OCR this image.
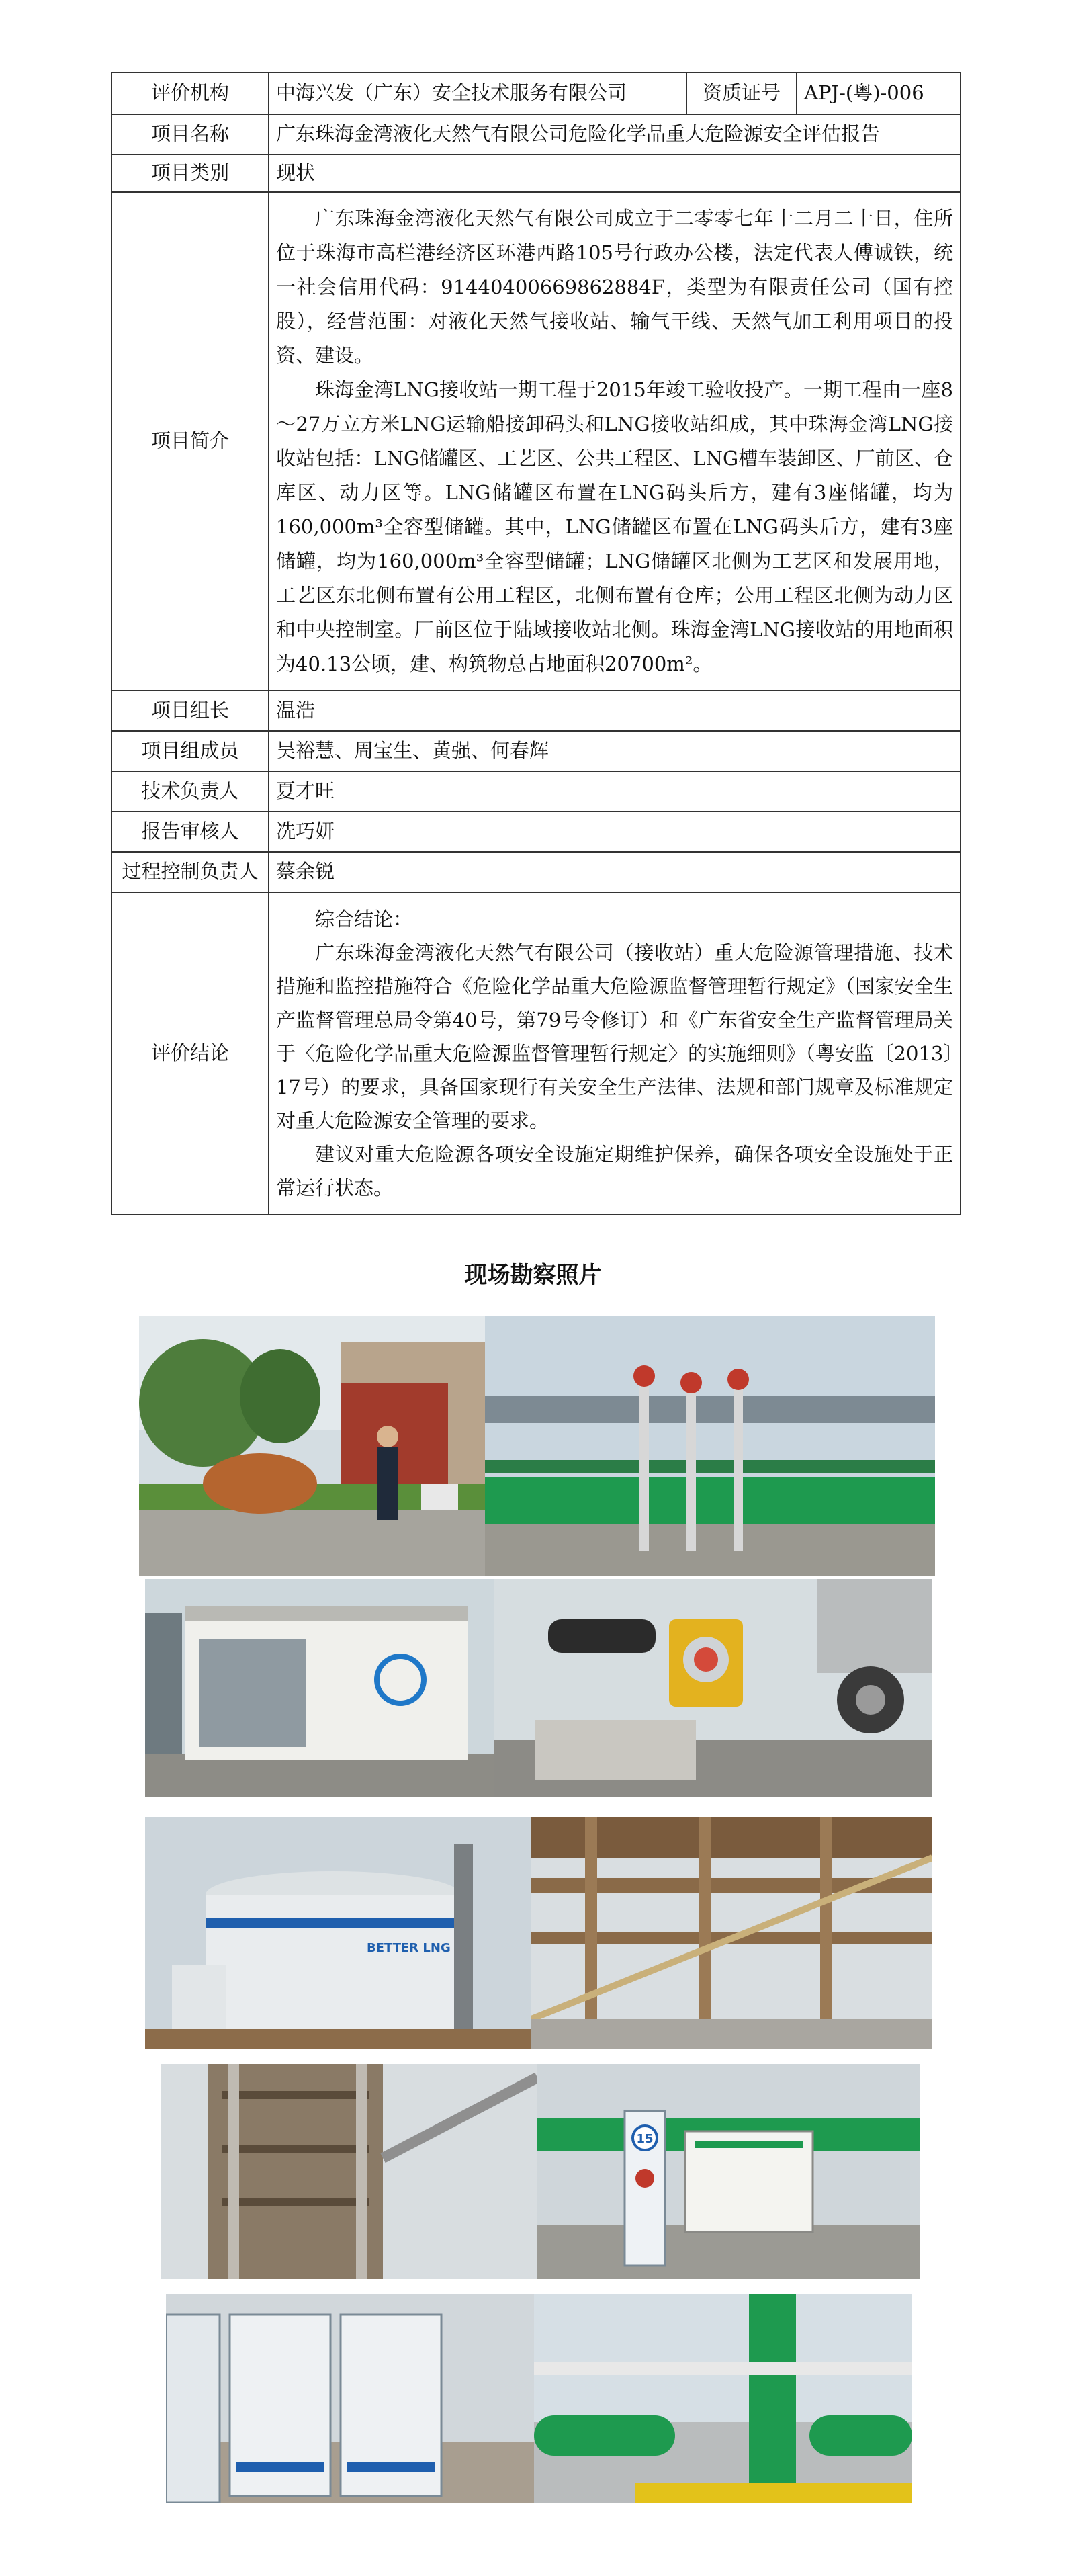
评价机构	中海兴发（广东）安全技术服务有限公司	资质证号	APJ-(粤)-006
项目名称	广东珠海金湾液化天然气有限公司危险化学品重大危险源安全评估报告		
项目类别	现状		
项目简介	广东珠海金湾液化天然气有限公司成立于二零零七年十二月二十日，住所位于珠海市高栏港经济区环港西路105号行政办公楼，法定代表人傅诚铁，统一社会信用代码：91440400669862884F，类型为有限责任公司（国有控股），经营范围：对液化天然气接收站、输气干线、天然气加工利用项目的投资、建设。

珠海金湾LNG接收站一期工程于2015年竣工验收投产。一期工程由一座8～27万立方米LNG运输船接卸码头和LNG接收站组成，其中珠海金湾LNG接收站包括：LNG储罐区、工艺区、公共工程区、LNG槽车装卸区、厂前区、仓库区、动力区等。LNG储罐区布置在LNG码头后方，建有3座储罐，均为160,000m³全容型储罐。其中，LNG储罐区布置在LNG码头后方，建有3座储罐，均为160,000m³全容型储罐；LNG储罐区北侧为工艺区和发展用地，工艺区东北侧布置有公用工程区，北侧布置有仓库；公用工程区北侧为动力区和中央控制室。厂前区位于陆域接收站北侧。珠海金湾LNG接收站的用地面积为40.13公顷，建、构筑物总占地面积20700m²。		

项目组长	温浩		
项目组成员	吴裕慧、周宝生、黄强、何春辉		
技术负责人	夏才旺		
报告审核人	冼巧妍		
过程控制负责人	蔡余锐		
评价结论	综合结论：

广东珠海金湾液化天然气有限公司（接收站）重大危险源管理措施、技术措施和监控措施符合《危险化学品重大危险源监督管理暂行规定》（国家安全生产监督管理总局令第40号，第79号令修订）和《广东省安全生产监督管理局关于〈危险化学品重大危险源监督管理暂行规定〉的实施细则》（粤安监〔2013〕17号）的要求，具备国家现行有关安全生产法律、法规和部门规章及标准规定对重大危险源安全管理的要求。

建议对重大危险源各项安全设施定期维护保养，确保各项安全设施处于正常运行状态。		

现场勘察照片
BETTER LNG
15
